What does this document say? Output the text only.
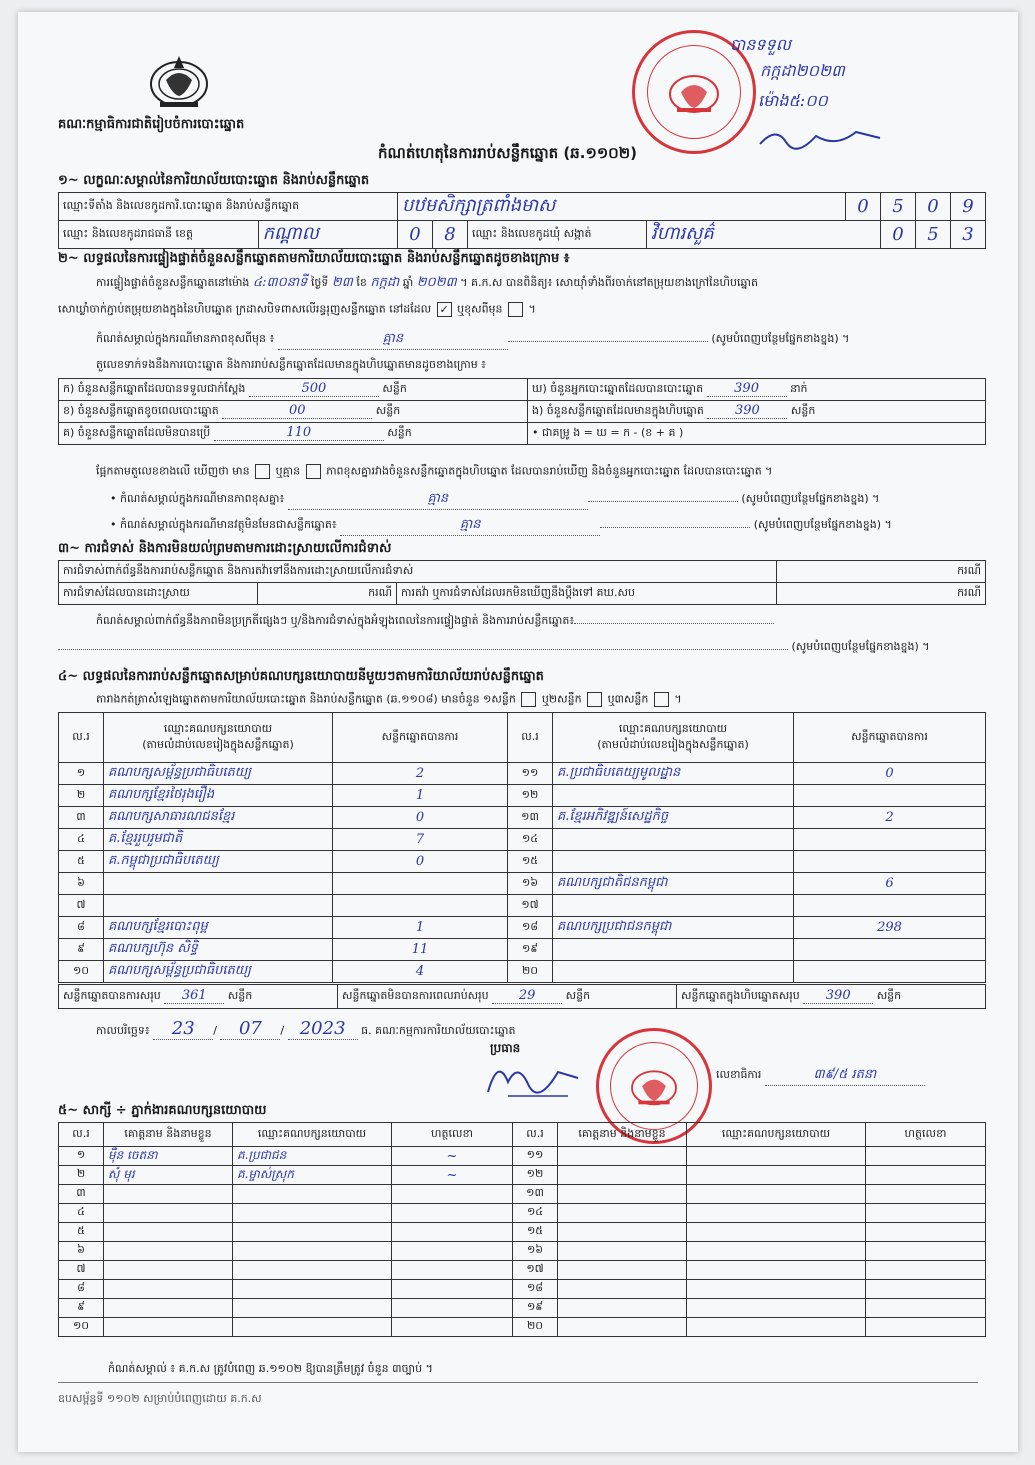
គណៈកម្មាធិការជាតិរៀបចំការបោះឆ្នោត
បានទទួល
កក្កដា២០២៣
ម៉ោង៥:០០
កំណត់ហេតុនៃការរាប់សន្លឹកឆ្នោត (ឆ.១១០២)
១~ លក្ខណៈសម្គាល់នៃការិយាល័យបោះឆ្នោត និងរាប់សន្លឹកឆ្នោត
ឈ្មោះទីតាំង និងលេខកូដការិ.បោះឆ្នោត និងរាប់សន្លឹកឆ្នោត		បឋមសិក្សាត្រពាំងមាស				0	5	0	9
ឈ្មោះ និងលេខកូដរាជធានី ខេត្ត	កណ្ដាល	0	8	ឈ្មោះ និងលេខកូដឃុំ សង្កាត់	វិហារសួគ៌		0	5	3
២~ លទ្ធផលនៃការផ្ទៀងផ្ទាត់ចំនួនសន្លឹកឆ្នោតតាមការិយាល័យបោះឆ្នោត និងរាប់សន្លឹកឆ្នោតដូចខាងក្រោម ៖
ការផ្ទៀងផ្ទាត់ចំនួនសន្លឹកឆ្នោតនៅម៉ោង ៤:៣០នាទី ថ្ងៃទី ២៣ ខែ កក្កដា ឆ្នាំ ២០២៣ ។ គ.ក.ស បានពិនិត្យ៖ សោយ៉ាំទាំងពីរចាក់នៅតម្រុយខាងក្រៅនៃហិបឆ្នោត
សោឃ្លាំចាក់ភ្ជាប់តម្រុយខាងក្នុងនៃហិបឆ្នោត ក្រដាសបិទពាសលើរន្ធរុញសន្លឹកឆ្នោត នៅដដែល ✓ ឬខុសពីមុន  ។
កំណត់សម្គាល់ក្នុងករណីមានភាពខុសពីមុន ៖	គ្មាន	(សូមបំពេញបន្ថែមផ្នែកខាងខ្នង) ។
តួលេខទាក់ទងនឹងការបោះឆ្នោត និងការរាប់សន្លឹកឆ្នោតដែលមានក្នុងហិបឆ្នោតមានដូចខាងក្រោម ៖
ក) ចំនួនសន្លឹកឆ្នោតដែលបានទទួលជាក់ស្តែង 500 សន្លឹក	ឃ) ចំនួនអ្នកបោះឆ្នោតដែលបានបោះឆ្នោត 390 នាក់
ខ) ចំនួនសន្លឹកឆ្នោតខូចពេលបោះឆ្នោត 00 សន្លឹក	ង) ចំនួនសន្លឹកឆ្នោតដែលមានក្នុងហិបឆ្នោត 390 សន្លឹក
គ) ចំនួនសន្លឹកឆ្នោតដែលមិនបានប្រើ 110 សន្លឹក	• ជាគម្រូ ង = ឃ = ក - (ខ + គ )
ផ្អែកតាមតួលេខខាងលើ ឃើញថា មាន ឬគ្មាន ភាពខុសគ្នារវាងចំនួនសន្លឹកឆ្នោតក្នុងហិបឆ្នោត ដែលបានរាប់ឃើញ និងចំនួនអ្នកបោះឆ្នោត ដែលបានបោះឆ្នោត ។
• កំណត់សម្គាល់ក្នុងករណីមានភាពខុសគ្នា៖	គ្មាន	(សូមបំពេញបន្ថែមផ្នែកខាងខ្នង) ។
• កំណត់សម្គាល់ក្នុងករណីមានវត្ថុមិនមែនជាសន្លឹកឆ្នោត៖	គ្មាន	(សូមបំពេញបន្ថែមផ្នែកខាងខ្នង) ។
៣~ ការជំទាស់ និងការមិនយល់ព្រមតាមការដោះស្រាយលើការជំទាស់
ការជំទាស់ពាក់ព័ន្ធនឹងការរាប់សន្លឹកឆ្នោត និងការតវ៉ាទៅនឹងការដោះស្រាយលើការជំទាស់			ករណី
ការជំទាស់ដែលបានដោះស្រាយ	ករណី	ការតវ៉ា ឬការជំទាស់ដែលរកមិនឃើញនឹងប្ដឹងទៅ គឃ.សប	ករណី
កំណត់សម្គាល់ពាក់ព័ន្ធនឹងភាពមិនប្រក្រតីផ្សេងៗ ឬ/និងការជំទាស់ក្នុងអំឡុងពេលនៃការផ្ទៀងផ្ទាត់ និងការរាប់សន្លឹកឆ្នោត៖
(សូមបំពេញបន្ថែមផ្នែកខាងខ្នង) ។
៤~ លទ្ធផលនៃការរាប់សន្លឹកឆ្នោតសម្រាប់គណបក្សនយោបាយនីមួយៗតាមការិយាល័យរាប់សន្លឹកឆ្នោត
តារាងកត់ត្រាសំឡេងឆ្នោតតាមការិយាល័យបោះឆ្នោត និងរាប់សន្លឹកឆ្នោត (ឆ.១១០៨) មានចំនួន ១សន្លឹក ឬ២សន្លឹក ឬ៣សន្លឹក  ។
ល.រ	ឈ្មោះគណបក្សនយោបាយ
(តាមលំដាប់លេខរៀងក្នុងសន្លឹកឆ្នោត)	សន្លឹកឆ្នោតបានការ	ល.រ	ឈ្មោះគណបក្សនយោបាយ
(តាមលំដាប់លេខរៀងក្នុងសន្លឹកឆ្នោត)	សន្លឹកឆ្នោតបានការ
១	គណបក្សសម្ព័ន្ធប្រជាធិបតេយ្យ	2	១១	គ.ប្រជាធិបតេយ្យមូលដ្ឋាន	0
២	គណបក្សខ្មែរថៃរុងរឿង	1	១២		
៣	គណបក្សសាធារណជនខ្មែរ	0	១៣	គ.ខ្មែរអភិវឌ្ឍន៍សេដ្ឋកិច្ច	2
៤	គ.ខ្មែររួបរួមជាតិ	7	១៤		
៥	គ.កម្ពុជាប្រជាធិបតេយ្យ	0	១៥		
៦			១៦	គណបក្សជាតិជនកម្ពុជា	6
៧			១៧		
៨	គណបក្សខ្មែរបោះពុម្ព	1	១៨	គណបក្សប្រជាជនកម្ពុជា	298
៩	គណបក្សហ៊ុន សិទ្ធិ	11	១៩		
១០	គណបក្សសម្ព័ន្ធប្រជាធិបតេយ្យ	4	២០		
សន្លឹកឆ្នោតបានការសរុប 361 សន្លឹក	សន្លឹកឆ្នោតមិនបានការពេលរាប់សរុប 29	សន្លឹក	សន្លឹកឆ្នោតក្នុងហិបឆ្នោតសរុប 390 សន្លឹក
កាលបរិច្ឆេទ៖ 23 / 07 / 2023 ធ. គណៈកម្មការការិយាល័យបោះឆ្នោត
ប្រធាន
លេខាធិការ	៣៩/៥ រតនា
៥~ សាក្សី ÷ ភ្នាក់ងារគណបក្សនយោបាយ
ល.រ	គោត្តនាម និងនាមខ្លួន	ឈ្មោះគណបក្សនយោបាយ	ហត្ថលេខា	ល.រ	គោត្តនាម និងនាមខ្លួន	ឈ្មោះគណបក្សនយោបាយ	ហត្ថលេខា
១	ម៉ឺន ចេតនា	គ.ប្រជាជន	~	១១			
២	សុំ មុរ	គ.ម្ចាស់ស្រុក	~	១២			
៣				១៣			
៤				១៤			
៥				១៥			
៦				១៦			
៧				១៧			
៨				១៨			
៩				១៩			
១០				២០			
កំណត់សម្គាល់ ៖ គ.ក.ស ត្រូវបំពេញ ឆ.១១០២ ឱ្យបានត្រឹមត្រូវ ចំនួន ៣ច្បាប់ ។
ឧបសម្ព័ន្ធទី ១១០២ សម្រាប់បំពេញដោយ គ.ក.ស
